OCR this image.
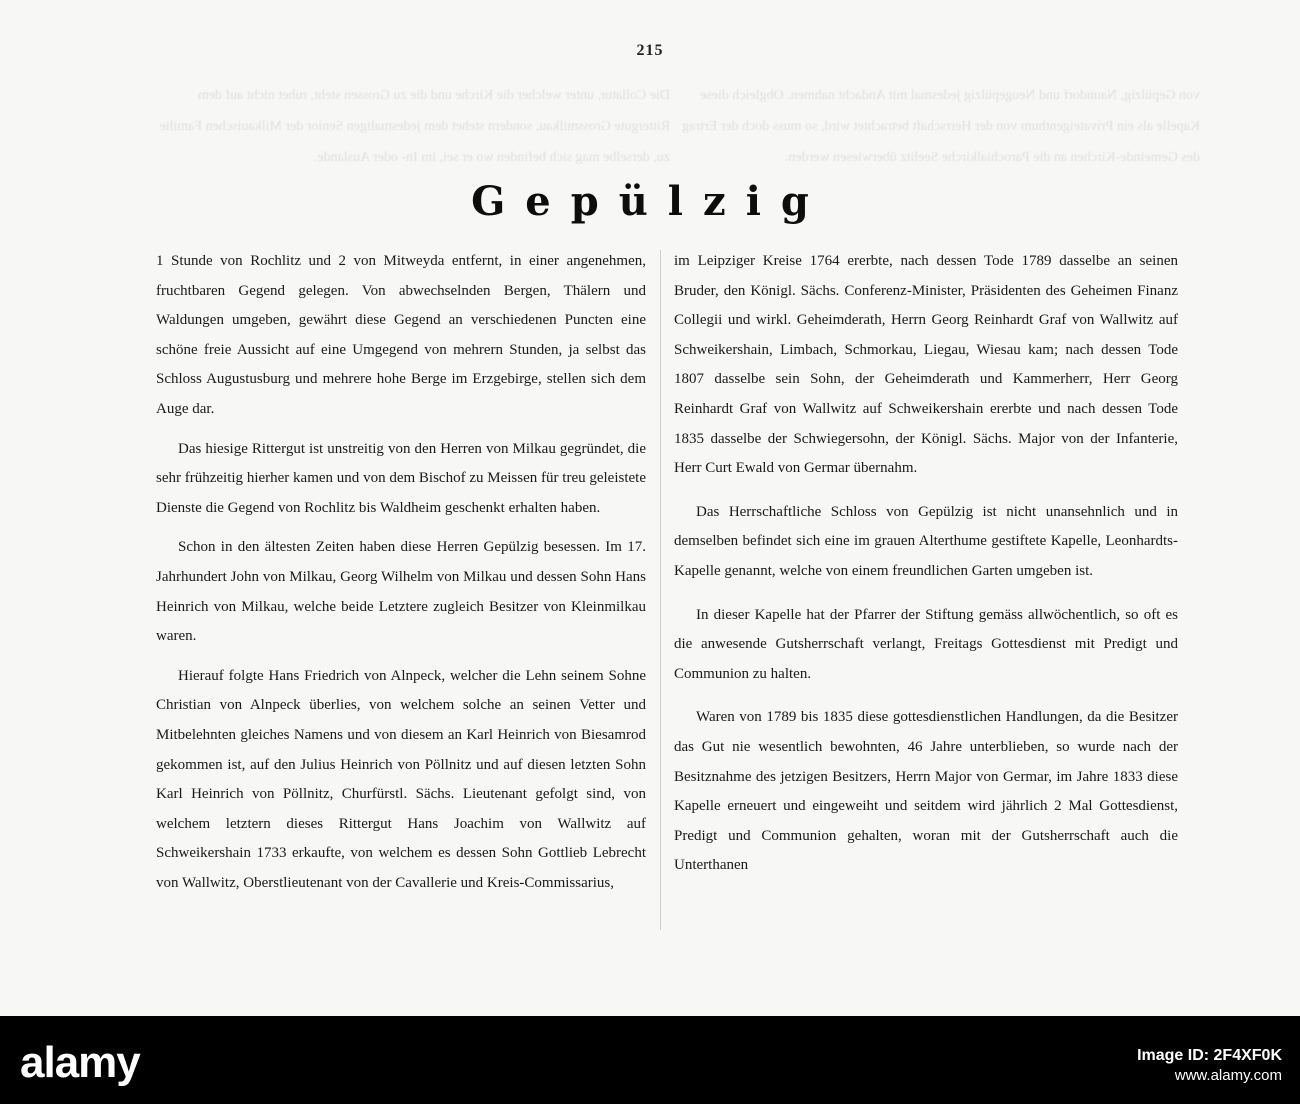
Die Collatur, unter welcher die Kirche und die zu Grossen steht, ruhet nicht auf dem Rittergute Grossmilkau, sondern stehet dem jedesmaligen Senior der Milkauischen Familie zu, derselbe mag sich befinden wo er sei, im In- oder Auslande.
von Gepülzig, Naundorf und Neugepülzig jedesmal mit Andacht nahmen. Obgleich diese Kapelle als ein Privateigenthum von der Herrschaft betrachtet wird, so muss doch der Ertrag des Gemeinde-Kirchen an die Parochialkirche Seelitz überwiesen werden.
215
Gepülzig

1 Stunde von Rochlitz und 2 von Mitweyda entfernt, in einer angenehmen, fruchtbaren Gegend gelegen. Von abwechselnden Bergen, Thälern und Waldungen umgeben, gewährt diese Gegend an verschiedenen Puncten eine schöne freie Aussicht auf eine Umgegend von mehrern Stunden, ja selbst das Schloss Augustusburg und mehrere hohe Berge im Erzgebirge, stellen sich dem Auge dar.

Das hiesige Rittergut ist unstreitig von den Herren von Milkau gegründet, die sehr frühzeitig hierher kamen und von dem Bischof zu Meissen für treu geleistete Dienste die Gegend von Rochlitz bis Waldheim geschenkt erhalten haben.

Schon in den ältesten Zeiten haben diese Herren Gepülzig besessen. Im 17. Jahrhundert John von Milkau, Georg Wilhelm von Milkau und dessen Sohn Hans Heinrich von Milkau, welche beide Letztere zugleich Besitzer von Kleinmilkau waren.

Hierauf folgte Hans Friedrich von Alnpeck, welcher die Lehn seinem Sohne Christian von Alnpeck überlies, von welchem solche an seinen Vetter und Mitbelehnten gleiches Namens und von diesem an Karl Heinrich von Biesamrod gekommen ist, auf den Julius Heinrich von Pöllnitz und auf diesen letzten Sohn Karl Heinrich von Pöllnitz, Churfürstl. Sächs. Lieutenant gefolgt sind, von welchem letztern dieses Rittergut Hans Joachim von Wallwitz auf Schweikershain 1733 erkaufte, von welchem es dessen Sohn Gottlieb Lebrecht von Wallwitz, Oberstlieutenant von der Cavallerie und Kreis-Commissarius,

im Leipziger Kreise 1764 ererbte, nach dessen Tode 1789 dasselbe an seinen Bruder, den Königl. Sächs. Conferenz-Minister, Präsidenten des Geheimen Finanz Collegii und wirkl. Geheimderath, Herrn Georg Reinhardt Graf von Wallwitz auf Schweikershain, Limbach, Schmorkau, Liegau, Wiesau kam; nach dessen Tode 1807 dasselbe sein Sohn, der Geheimderath und Kammerherr, Herr Georg Reinhardt Graf von Wallwitz auf Schweikershain ererbte und nach dessen Tode 1835 dasselbe der Schwiegersohn, der Königl. Sächs. Major von der Infanterie, Herr Curt Ewald von Germar übernahm.

Das Herrschaftliche Schloss von Gepülzig ist nicht unansehnlich und in demselben befindet sich eine im grauen Alterthume gestiftete Kapelle, Leonhardts-Kapelle genannt, welche von einem freundlichen Garten umgeben ist.

In dieser Kapelle hat der Pfarrer der Stiftung gemäss allwöchentlich, so oft es die anwesende Gutsherrschaft verlangt, Freitags Gottesdienst mit Predigt und Communion zu halten.

Waren von 1789 bis 1835 diese gottesdienstlichen Handlungen, da die Besitzer das Gut nie wesentlich bewohnten, 46 Jahre unterblieben, so wurde nach der Besitznahme des jetzigen Besitzers, Herrn Major von Germar, im Jahre 1833 diese Kapelle erneuert und eingeweiht und seitdem wird jährlich 2 Mal Gottesdienst, Predigt und Communion gehalten, woran mit der Gutsherrschaft auch die Unterthanen

alamy	Image ID: 2F4XF0K
www.alamy.com
